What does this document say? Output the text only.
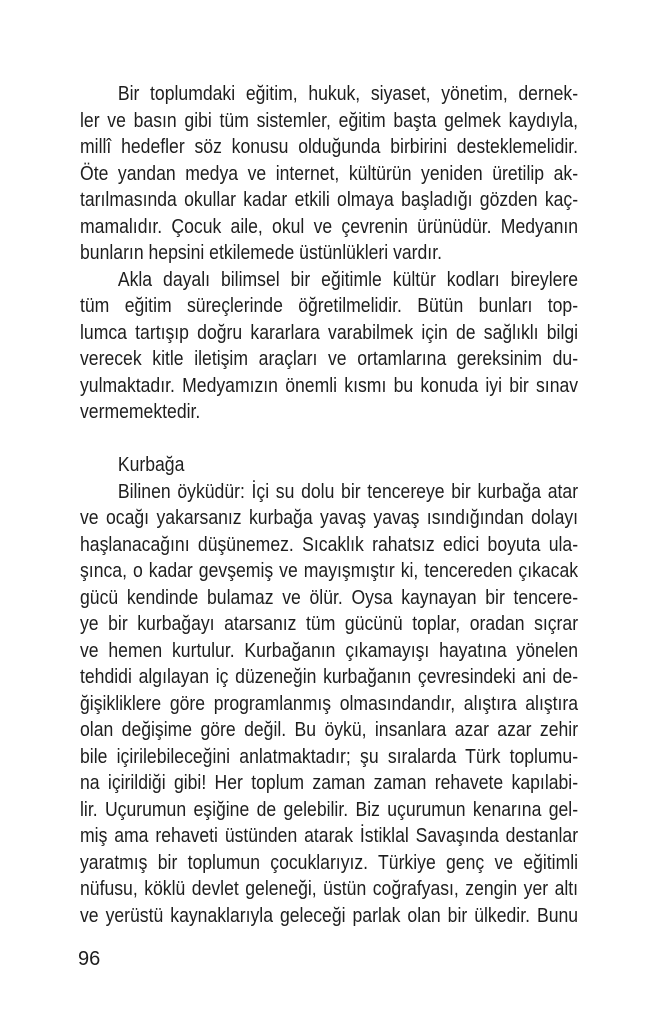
Bir toplumdaki eğitim, hukuk, siyaset, yönetim, dernek-
ler ve basın gibi tüm sistemler, eğitim başta gelmek kaydıyla,
millî hedefler söz konusu olduğunda birbirini desteklemelidir.
Öte yandan medya ve internet, kültürün yeniden üretilip ak-
tarılmasında okullar kadar etkili olmaya başladığı gözden kaç-
mamalıdır. Çocuk aile, okul ve çevrenin ürünüdür. Medyanın
bunların hepsini etkilemede üstünlükleri vardır.
Akla dayalı bilimsel bir eğitimle kültür kodları bireylere
tüm eğitim süreçlerinde öğretilmelidir. Bütün bunları top-
lumca tartışıp doğru kararlara varabilmek için de sağlıklı bilgi
verecek kitle iletişim araçları ve ortamlarına gereksinim du-
yulmaktadır. Medyamızın önemli kısmı bu konuda iyi bir sınav
vermemektedir.
Kurbağa
Bilinen öyküdür: İçi su dolu bir tencereye bir kurbağa atar
ve ocağı yakarsanız kurbağa yavaş yavaş ısındığından dolayı
haşlanacağını düşünemez. Sıcaklık rahatsız edici boyuta ula-
şınca, o kadar gevşemiş ve mayışmıştır ki, tencereden çıkacak
gücü kendinde bulamaz ve ölür. Oysa kaynayan bir tencere-
ye bir kurbağayı atarsanız tüm gücünü toplar, oradan sıçrar
ve hemen kurtulur. Kurbağanın çıkamayışı hayatına yönelen
tehdidi algılayan iç düzeneğin kurbağanın çevresindeki ani de-
ğişikliklere göre programlanmış olmasındandır, alıştıra alıştıra
olan değişime göre değil. Bu öykü, insanlara azar azar zehir
bile içirilebileceğini anlatmaktadır; şu sıralarda Türk toplumu-
na içirildiği gibi! Her toplum zaman zaman rehavete kapılabi-
lir. Uçurumun eşiğine de gelebilir. Biz uçurumun kenarına gel-
miş ama rehaveti üstünden atarak İstiklal Savaşında destanlar
yaratmış bir toplumun çocuklarıyız. Türkiye genç ve eğitimli
nüfusu, köklü devlet geleneği, üstün coğrafyası, zengin yer altı
ve yerüstü kaynaklarıyla geleceği parlak olan bir ülkedir. Bunu
96
